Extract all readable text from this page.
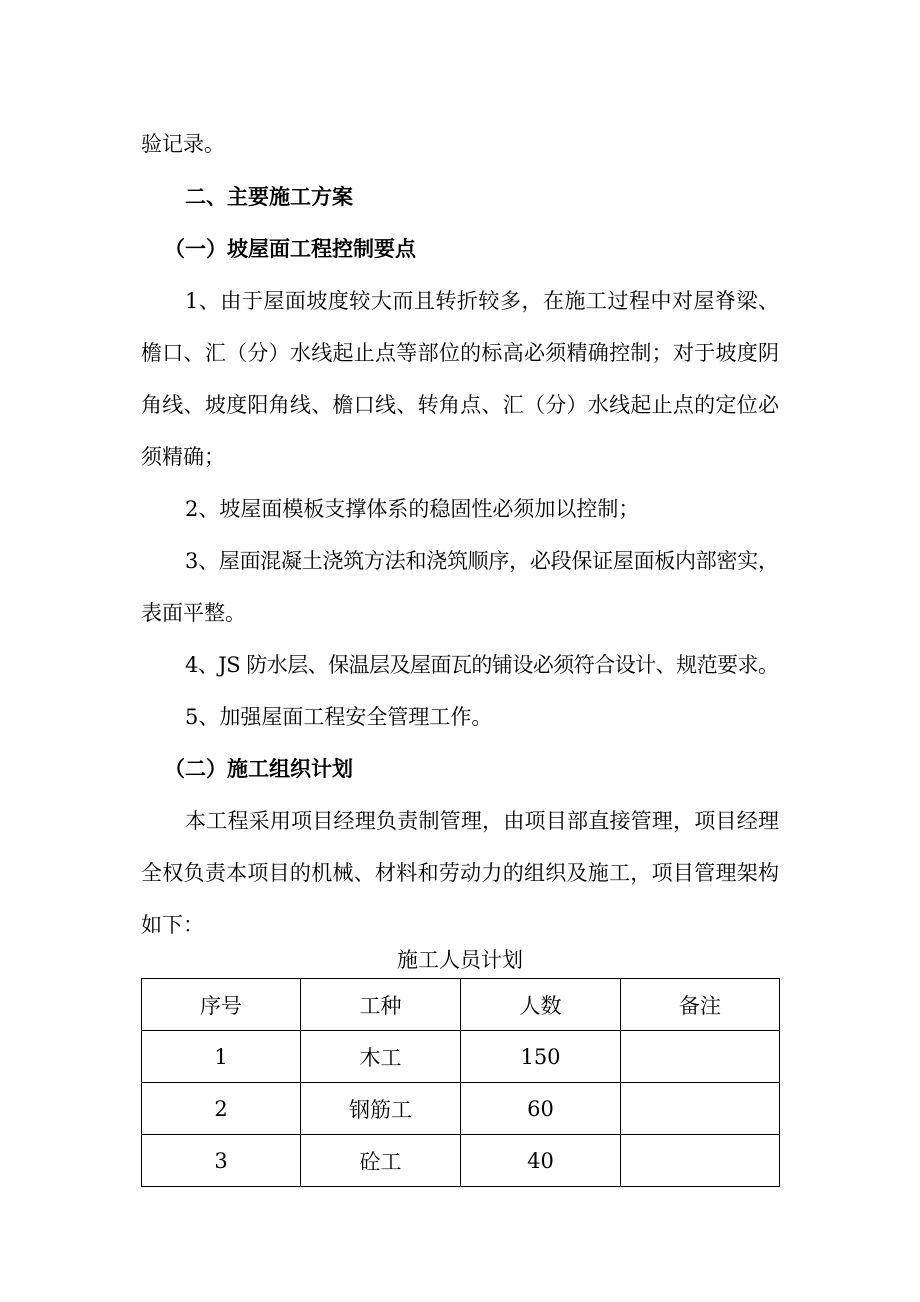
验记录。
二、主要施工方案
（一）坡屋面工程控制要点
1、由于屋面坡度较大而且转折较多，在施工过程中对屋脊梁、
檐口、汇（分）水线起止点等部位的标高必须精确控制；对于坡度阴
角线、坡度阳角线、檐口线、转角点、汇（分）水线起止点的定位必
须精确；
2、坡屋面模板支撑体系的稳固性必须加以控制；
3、屋面混凝土浇筑方法和浇筑顺序，必段保证屋面板内部密实，
表面平整。
4、JS 防水层、保温层及屋面瓦的铺设必须符合设计、规范要求。
5、加强屋面工程安全管理工作。
（二）施工组织计划
本工程采用项目经理负责制管理，由项目部直接管理，项目经理
全权负责本项目的机械、材料和劳动力的组织及施工，项目管理架构
如下：
施工人员计划
序号	工种	人数	备注
1	木工	150	
2	钢筋工	60	
3	砼工	40	
